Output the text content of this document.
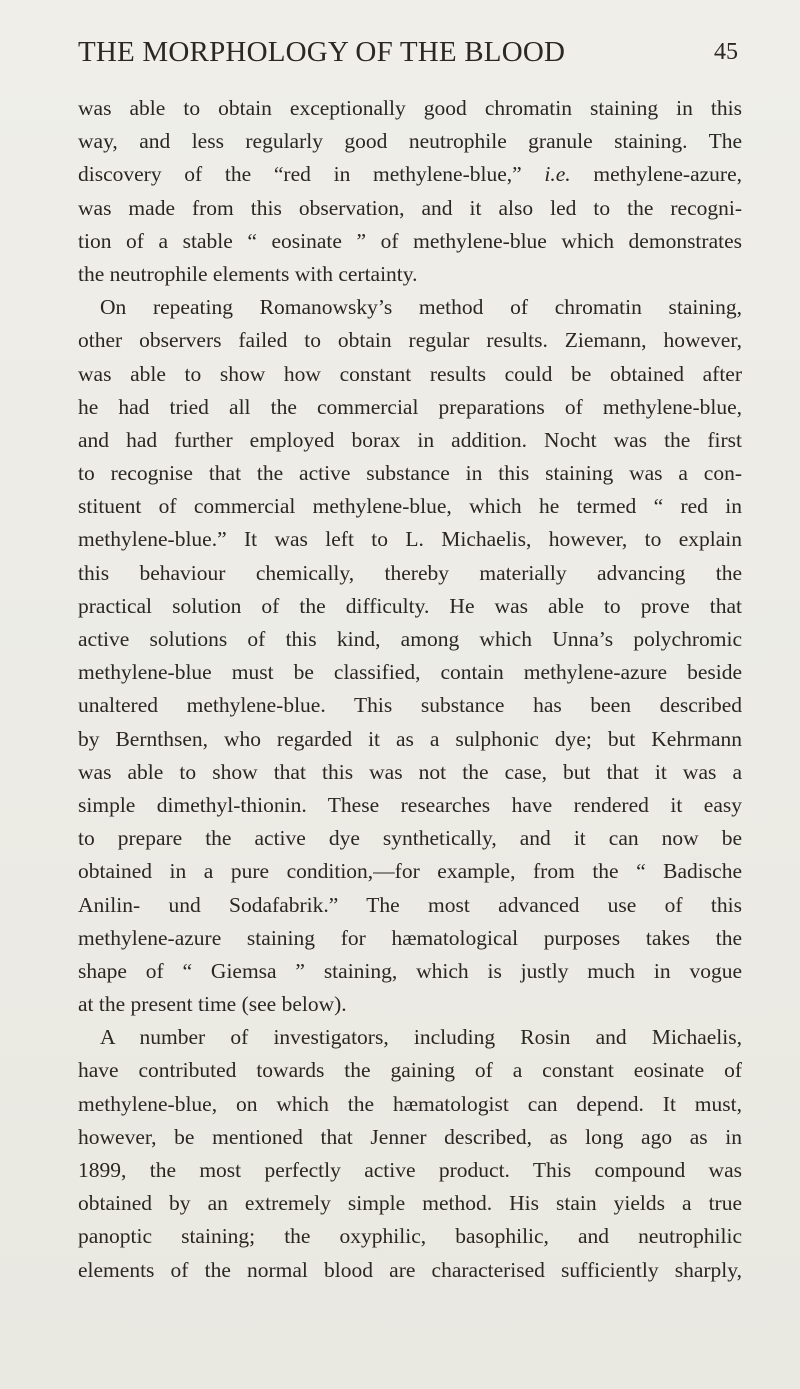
THE MORPHOLOGY OF THE BLOOD	45
was able to obtain exceptionally good chromatin staining in this
way, and less regularly good neutrophile granule staining. The
discovery of the “red in methylene-blue,” i.e. methylene-azure,
was made from this observation, and it also led to the recogni-
tion of a stable “ eosinate ” of methylene-blue which demonstrates
the neutrophile elements with certainty.
On repeating Romanowsky’s method of chromatin staining,
other observers failed to obtain regular results. Ziemann, however,
was able to show how constant results could be obtained after
he had tried all the commercial preparations of methylene-blue,
and had further employed borax in addition. Nocht was the first
to recognise that the active substance in this staining was a con-
stituent of commercial methylene-blue, which he termed “ red in
methylene-blue.” It was left to L. Michaelis, however, to explain
this behaviour chemically, thereby materially advancing the
practical solution of the difficulty. He was able to prove that
active solutions of this kind, among which Unna’s polychromic
methylene-blue must be classified, contain methylene-azure beside
unaltered methylene-blue. This substance has been described
by Bernthsen, who regarded it as a sulphonic dye; but Kehrmann
was able to show that this was not the case, but that it was a
simple dimethyl-thionin. These researches have rendered it easy
to prepare the active dye synthetically, and it can now be
obtained in a pure condition,—for example, from the “ Badische
Anilin- und Sodafabrik.” The most advanced use of this
methylene-azure staining for hæmatological purposes takes the
shape of “ Giemsa ” staining, which is justly much in vogue
at the present time (see below).
A number of investigators, including Rosin and Michaelis,
have contributed towards the gaining of a constant eosinate of
methylene-blue, on which the hæmatologist can depend. It must,
however, be mentioned that Jenner described, as long ago as in
1899, the most perfectly active product. This compound was
obtained by an extremely simple method. His stain yields a true
panoptic staining; the oxyphilic, basophilic, and neutrophilic
elements of the normal blood are characterised sufficiently sharply,
